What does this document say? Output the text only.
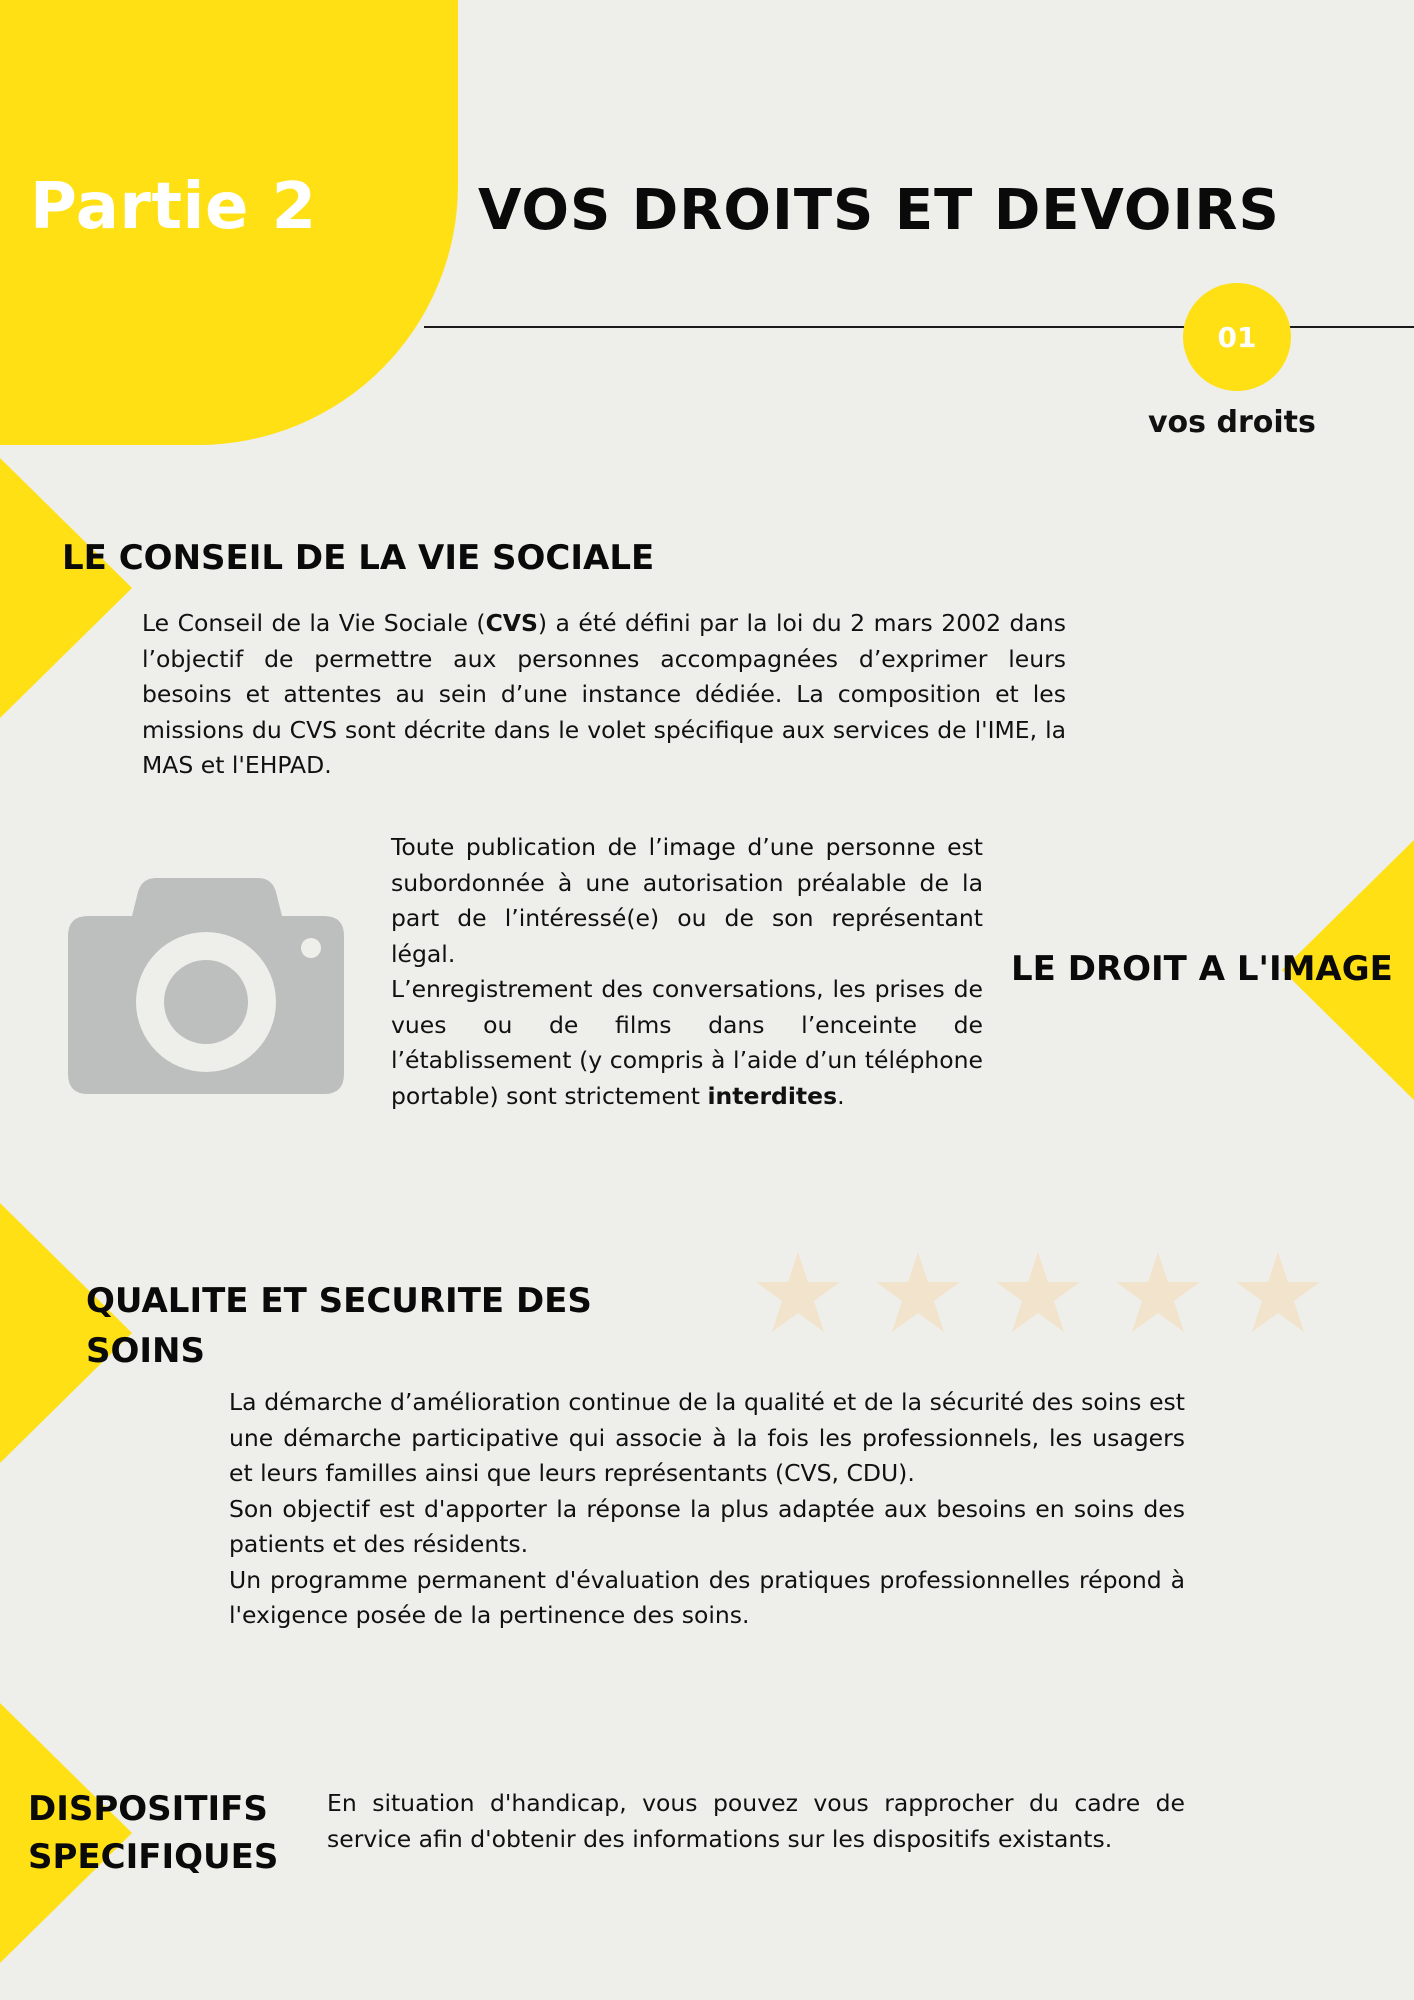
Partie 2	VOS DROITS ET DEVOIRS
01
vos droits
LE CONSEIL DE LA VIE SOCIALE

Le Conseil de la Vie Sociale (CVS) a été défini par la loi du 2 mars 2002 dans l’objectif de permettre aux personnes accompagnées d’exprimer leurs besoins et attentes au sein d’une instance dédiée. La composition et les missions du CVS sont décrite dans le volet spécifique aux services de l'IME, la MAS et l'EHPAD.

Toute publication de l’image d’une personne est subordonnée à une autorisation préalable de la part de l’intéressé(e) ou de son représentant légal.

L’enregistrement des conversations, les prises de vues ou de films dans l’enceinte de l’établissement (y compris à l’aide d’un téléphone portable) sont strictement interdites.

LE DROIT A L'IMAGE
QUALITE ET SECURITE DES SOINS

La démarche d’amélioration continue de la qualité et de la sécurité des soins est une démarche participative qui associe à la fois les professionnels, les usagers et leurs familles ainsi que leurs représentants (CVS, CDU).

Son objectif est d'apporter la réponse la plus adaptée aux besoins en soins des patients et des résidents.

Un programme permanent d'évaluation des pratiques professionnelles répond à l'exigence posée de la pertinence des soins.

DISPOSITIFS
SPECIFIQUES

En situation d'handicap, vous pouvez vous rapprocher du cadre de service afin d'obtenir des informations sur les dispositifs existants.
